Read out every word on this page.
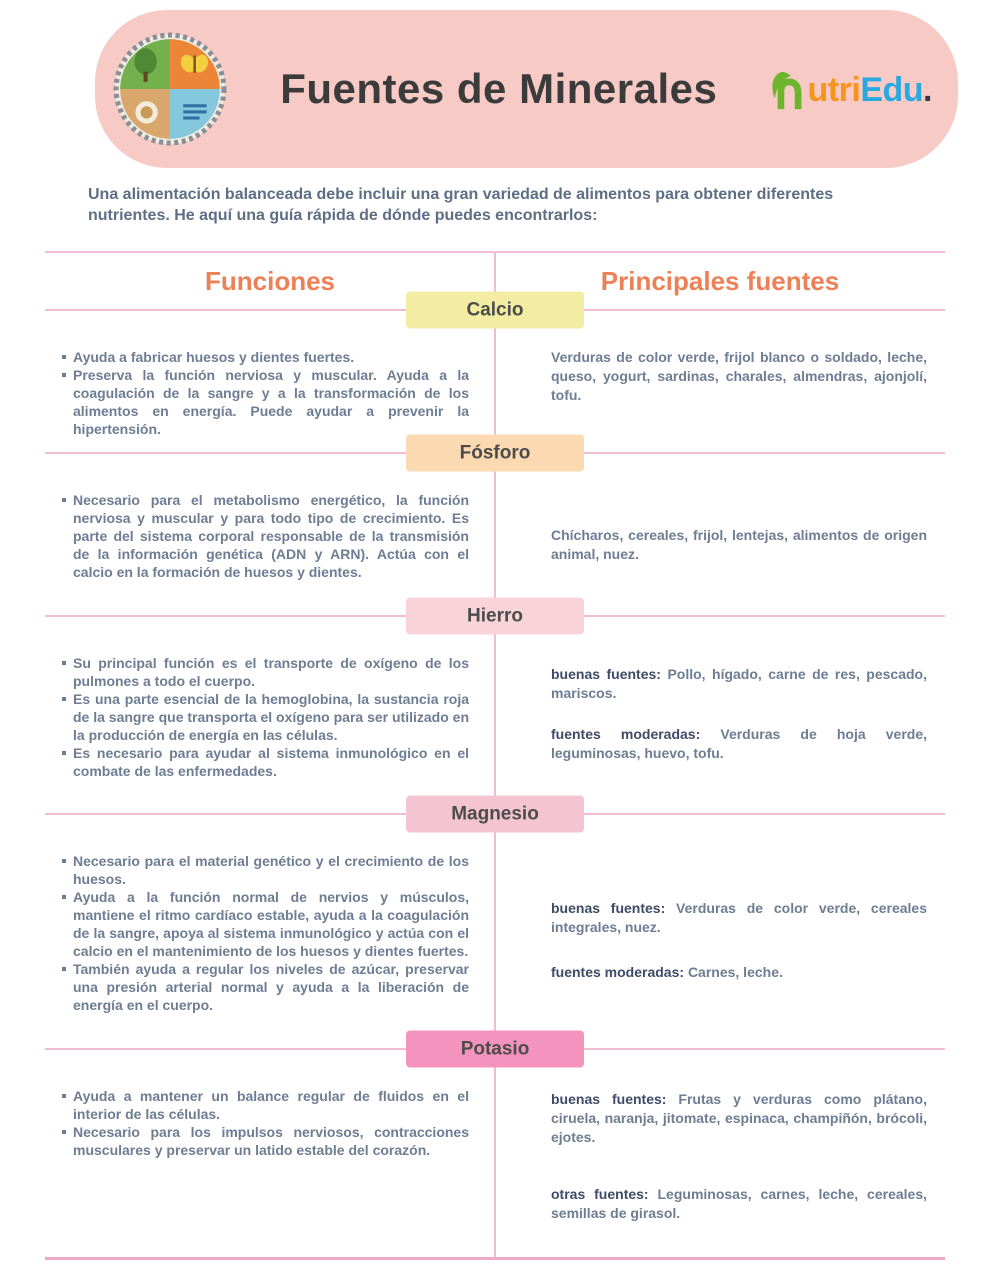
Fuentes de Minerales	utri Edu .

Una alimentación balanceada debe incluir una gran variedad de alimentos para obtener diferentes nutrientes. He aquí una guía rápida de dónde puedes encontrarlos:

Funciones	Principales fuentes
Calcio
Ayuda a fabricar huesos y dientes fuertes.
Preserva la función nerviosa y muscular. Ayuda a la coagulación de la sangre y a la transformación de los alimentos en energía. Puede ayudar a prevenir la hipertensión.

Verduras de color verde, frijol blanco o soldado, leche, queso, yogurt, sardinas, charales, almendras, ajonjolí, tofu.

Fósforo
Necesario para el metabolismo energético, la función nerviosa y muscular y para todo tipo de crecimiento. Es parte del sistema corporal responsable de la transmisión de la información genética (ADN y ARN). Actúa con el calcio en la formación de huesos y dientes.

Chícharos, cereales, frijol, lentejas, alimentos de origen animal, nuez.

Hierro
Su principal función es el transporte de oxígeno de los pulmones a todo el cuerpo.
Es una parte esencial de la hemoglobina, la sustancia roja de la sangre que transporta el oxígeno para ser utilizado en la producción de energía en las células.
Es necesario para ayudar al sistema inmunológico en el combate de las enfermedades.

buenas fuentes: Pollo, hígado, carne de res, pescado, mariscos.

fuentes moderadas: Verduras de hoja verde, leguminosas, huevo, tofu.

Magnesio
Necesario para el material genético y el crecimiento de los huesos.
Ayuda a la función normal de nervios y músculos, mantiene el ritmo cardíaco estable, ayuda a la coagulación de la sangre, apoya al sistema inmunológico y actúa con el calcio en el mantenimiento de los huesos y dientes fuertes.
También ayuda a regular los niveles de azúcar, preservar una presión arterial normal y ayuda a la liberación de energía en el cuerpo.

buenas fuentes: Verduras de color verde, cereales integrales, nuez.

fuentes moderadas: Carnes, leche.

Potasio
Ayuda a mantener un balance regular de fluidos en el interior de las células.
Necesario para los impulsos nerviosos, contracciones musculares y preservar un latido estable del corazón.

buenas fuentes: Frutas y verduras como plátano, ciruela, naranja, jitomate, espinaca, champiñón, brócoli, ejotes.

otras fuentes: Leguminosas, carnes, leche, cereales, semillas de girasol.
